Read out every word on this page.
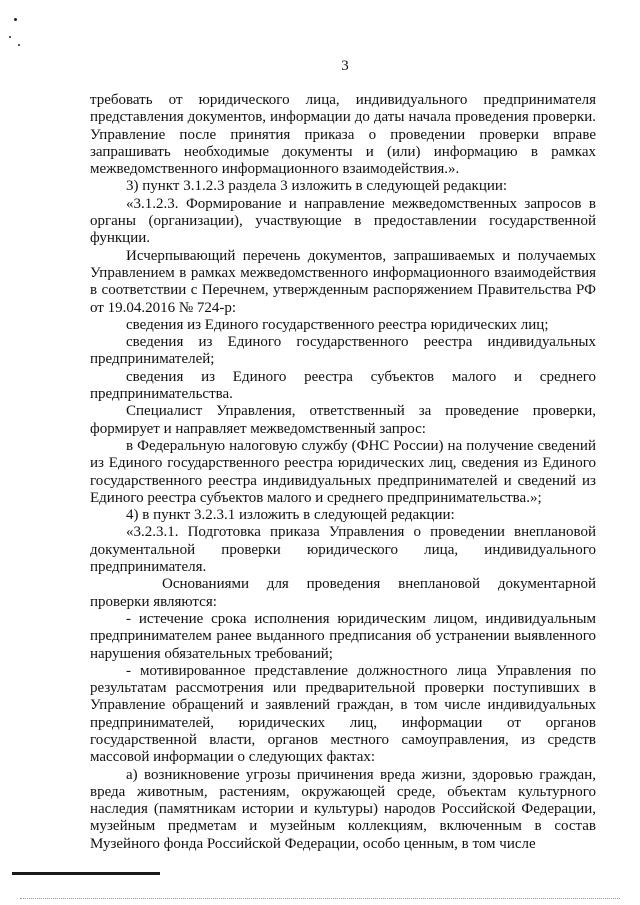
3

требовать от юридического лица, индивидуального предпринимателя представления документов, информации до даты начала проведения проверки. Управление после принятия приказа о проведении проверки вправе запрашивать необходимые документы и (или) информацию в рамках межведомственного информационного взаимодействия.».

3) пункт 3.1.2.3 раздела 3 изложить в следующей редакции:

«3.1.2.3. Формирование и направление межведомственных запросов в органы (организации), участвующие в предоставлении государственной функции.

Исчерпывающий перечень документов, запрашиваемых и получаемых Управлением в рамках межведомственного информационного взаимодействия в соответствии с Перечнем, утвержденным распоряжением Правительства РФ от 19.04.2016 № 724-р:

сведения из Единого государственного реестра юридических лиц;

сведения из Единого государственного реестра индивидуальных предпринимателей;

сведения из Единого реестра субъектов малого и среднего предпринимательства.

Специалист Управления, ответственный за проведение проверки, формирует и направляет межведомственный запрос:

в Федеральную налоговую службу (ФНС России) на получение сведений из Единого государственного реестра юридических лиц, сведения из Единого государственного реестра индивидуальных предпринимателей и сведений из Единого реестра субъектов малого и среднего предпринимательства.»;

4) в пункт 3.2.3.1 изложить в следующей редакции:

«3.2.3.1. Подготовка приказа Управления о проведении внеплановой документальной проверки юридического лица, индивидуального предпринимателя.

Основаниями для проведения внеплановой документарной проверки являются:

- истечение срока исполнения юридическим лицом, индивидуальным предпринимателем ранее выданного предписания об устранении выявленного нарушения обязательных требований;

- мотивированное представление должностного лица Управления по результатам рассмотрения или предварительной проверки поступивших в Управление обращений и заявлений граждан, в том числе индивидуальных предпринимателей, юридических лиц, информации от органов государственной власти, органов местного самоуправления, из средств массовой информации о следующих фактах:

а) возникновение угрозы причинения вреда жизни, здоровью граждан, вреда животным, растениям, окружающей среде, объектам культурного наследия (памятникам истории и культуры) народов Российской Федерации, музейным предметам и музейным коллекциям, включенным в состав Музейного фонда Российской Федерации, особо ценным, в том числе
